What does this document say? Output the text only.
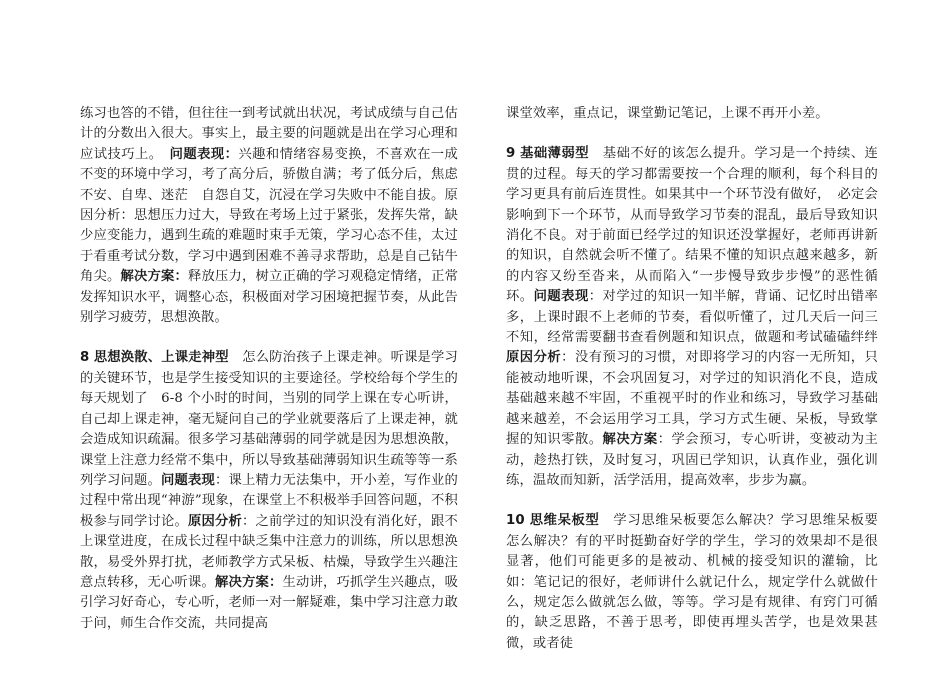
练习也答的不错，但往往一到考试就出状况，考试成绩与自己估计的分数出入很大。事实上，最主要的问题就是出在学习心理和应试技巧上。　问题表现：兴趣和情绪容易变换，不喜欢在一成不变的环境中学习，考了高分后，骄傲自满；考了低分后，焦虑不安、自卑、迷茫　自怨自艾，沉浸在学习失败中不能自拔。原因分析：思想压力过大，导致在考场上过于紧张，发挥失常，缺少应变能力，遇到生疏的难题时束手无策，学习心态不佳，太过于看重考试分数，学习中遇到困难不善寻求帮助，总是自己钻牛角尖。解决方案：释放压力，树立正确的学习观稳定情绪，正常发挥知识水平，调整心态，积极面对学习困境把握节奏，从此告别学习疲劳，思想涣散。

8 思想涣散、上课走神型　怎么防治孩子上课走神。听课是学习的关键环节，也是学生接受知识的主要途径。学校给每个学生的每天规划了　6-8 个小时的时间，当别的同学上课在专心听讲，自己却上课走神，毫无疑问自己的学业就要落后了上课走神，就会造成知识疏漏。很多学习基础薄弱的同学就是因为思想涣散，课堂上注意力经常不集中，所以导致基础薄弱知识生疏等等一系列学习问题。问题表现：课上精力无法集中，开小差，写作业的过程中常出现“神游”现象，在课堂上不积极举手回答问题，不积极参与同学讨论。原因分析：之前学过的知识没有消化好，跟不上课堂进度，在成长过程中缺乏集中注意力的训练，所以思想涣散，易受外界打扰，老师教学方式呆板、枯燥，导致学生兴趣注意点转移，无心听课。解决方案：生动讲，巧抓学生兴趣点，吸引学习好奇心，专心听，老师一对一解疑难，集中学习注意力敢于问，师生合作交流，共同提高

课堂效率，重点记，课堂勤记笔记，上课不再开小差。

9 基础薄弱型　基础不好的该怎么提升。学习是一个持续、连贯的过程。每天的学习都需要按一个合理的顺利，每个科目的学习更具有前后连贯性。如果其中一个环节没有做好，　必定会影响到下一个环节，从而导致学习节奏的混乱，最后导致知识消化不良。对于前面已经学过的知识还没掌握好，老师再讲新的知识，自然就会听不懂了。结果不懂的知识点越来越多，新的内容又纷至沓来，从而陷入“一步慢导致步步慢”的恶性循环。问题表现：对学过的知识一知半解，背诵、记忆时出错率多，上课时跟不上老师的节奏，看似听懂了，过几天后一问三不知，经常需要翻书查看例题和知识点，做题和考试磕磕绊绊原因分析：没有预习的习惯，对即将学习的内容一无所知，只能被动地听课，不会巩固复习，对学过的知识消化不良，造成基础越来越不牢固，不重视平时的作业和练习，导致学习基础越来越差，不会运用学习工具，学习方式生硬、呆板，导致掌握的知识零散。解决方案：学会预习，专心听讲，变被动为主动，趁热打铁，及时复习，巩固已学知识，认真作业，强化训练，温故而知新，活学活用，提高效率，步步为赢。

10 思维呆板型　学习思维呆板要怎么解决？学习思维呆板要怎么解决？有的平时挺勤奋好学的学生，学习的效果却不是很显著，他们可能更多的是被动、机械的接受知识的灌输，比如：笔记记的很好，老师讲什么就记什么，规定学什么就做什么，规定怎么做就怎么做，等等。学习是有规律、有窍门可循的，缺乏思路，不善于思考，即使再埋头苦学，也是效果甚微，或者徒
